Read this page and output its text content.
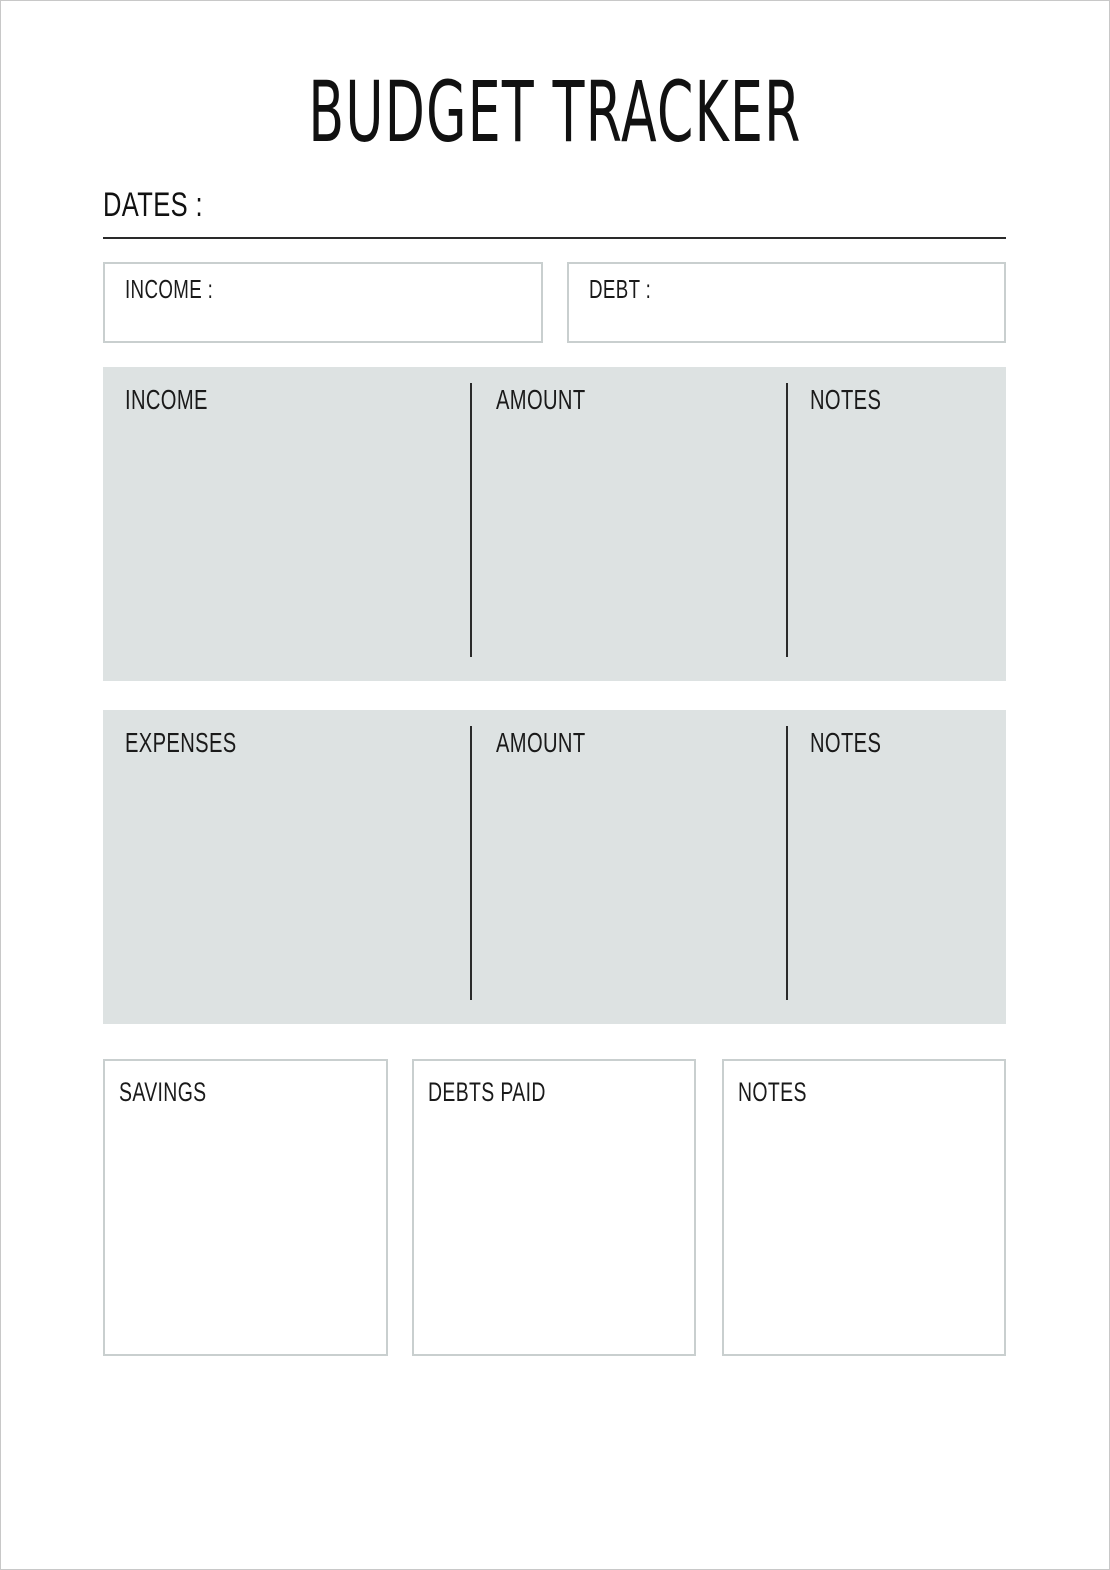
BUDGET TRACKER
DATES :
INCOME :	DEBT :
INCOME	AMOUNT	NOTES
EXPENSES	AMOUNT	NOTES
SAVINGS	DEBTS PAID	NOTES
